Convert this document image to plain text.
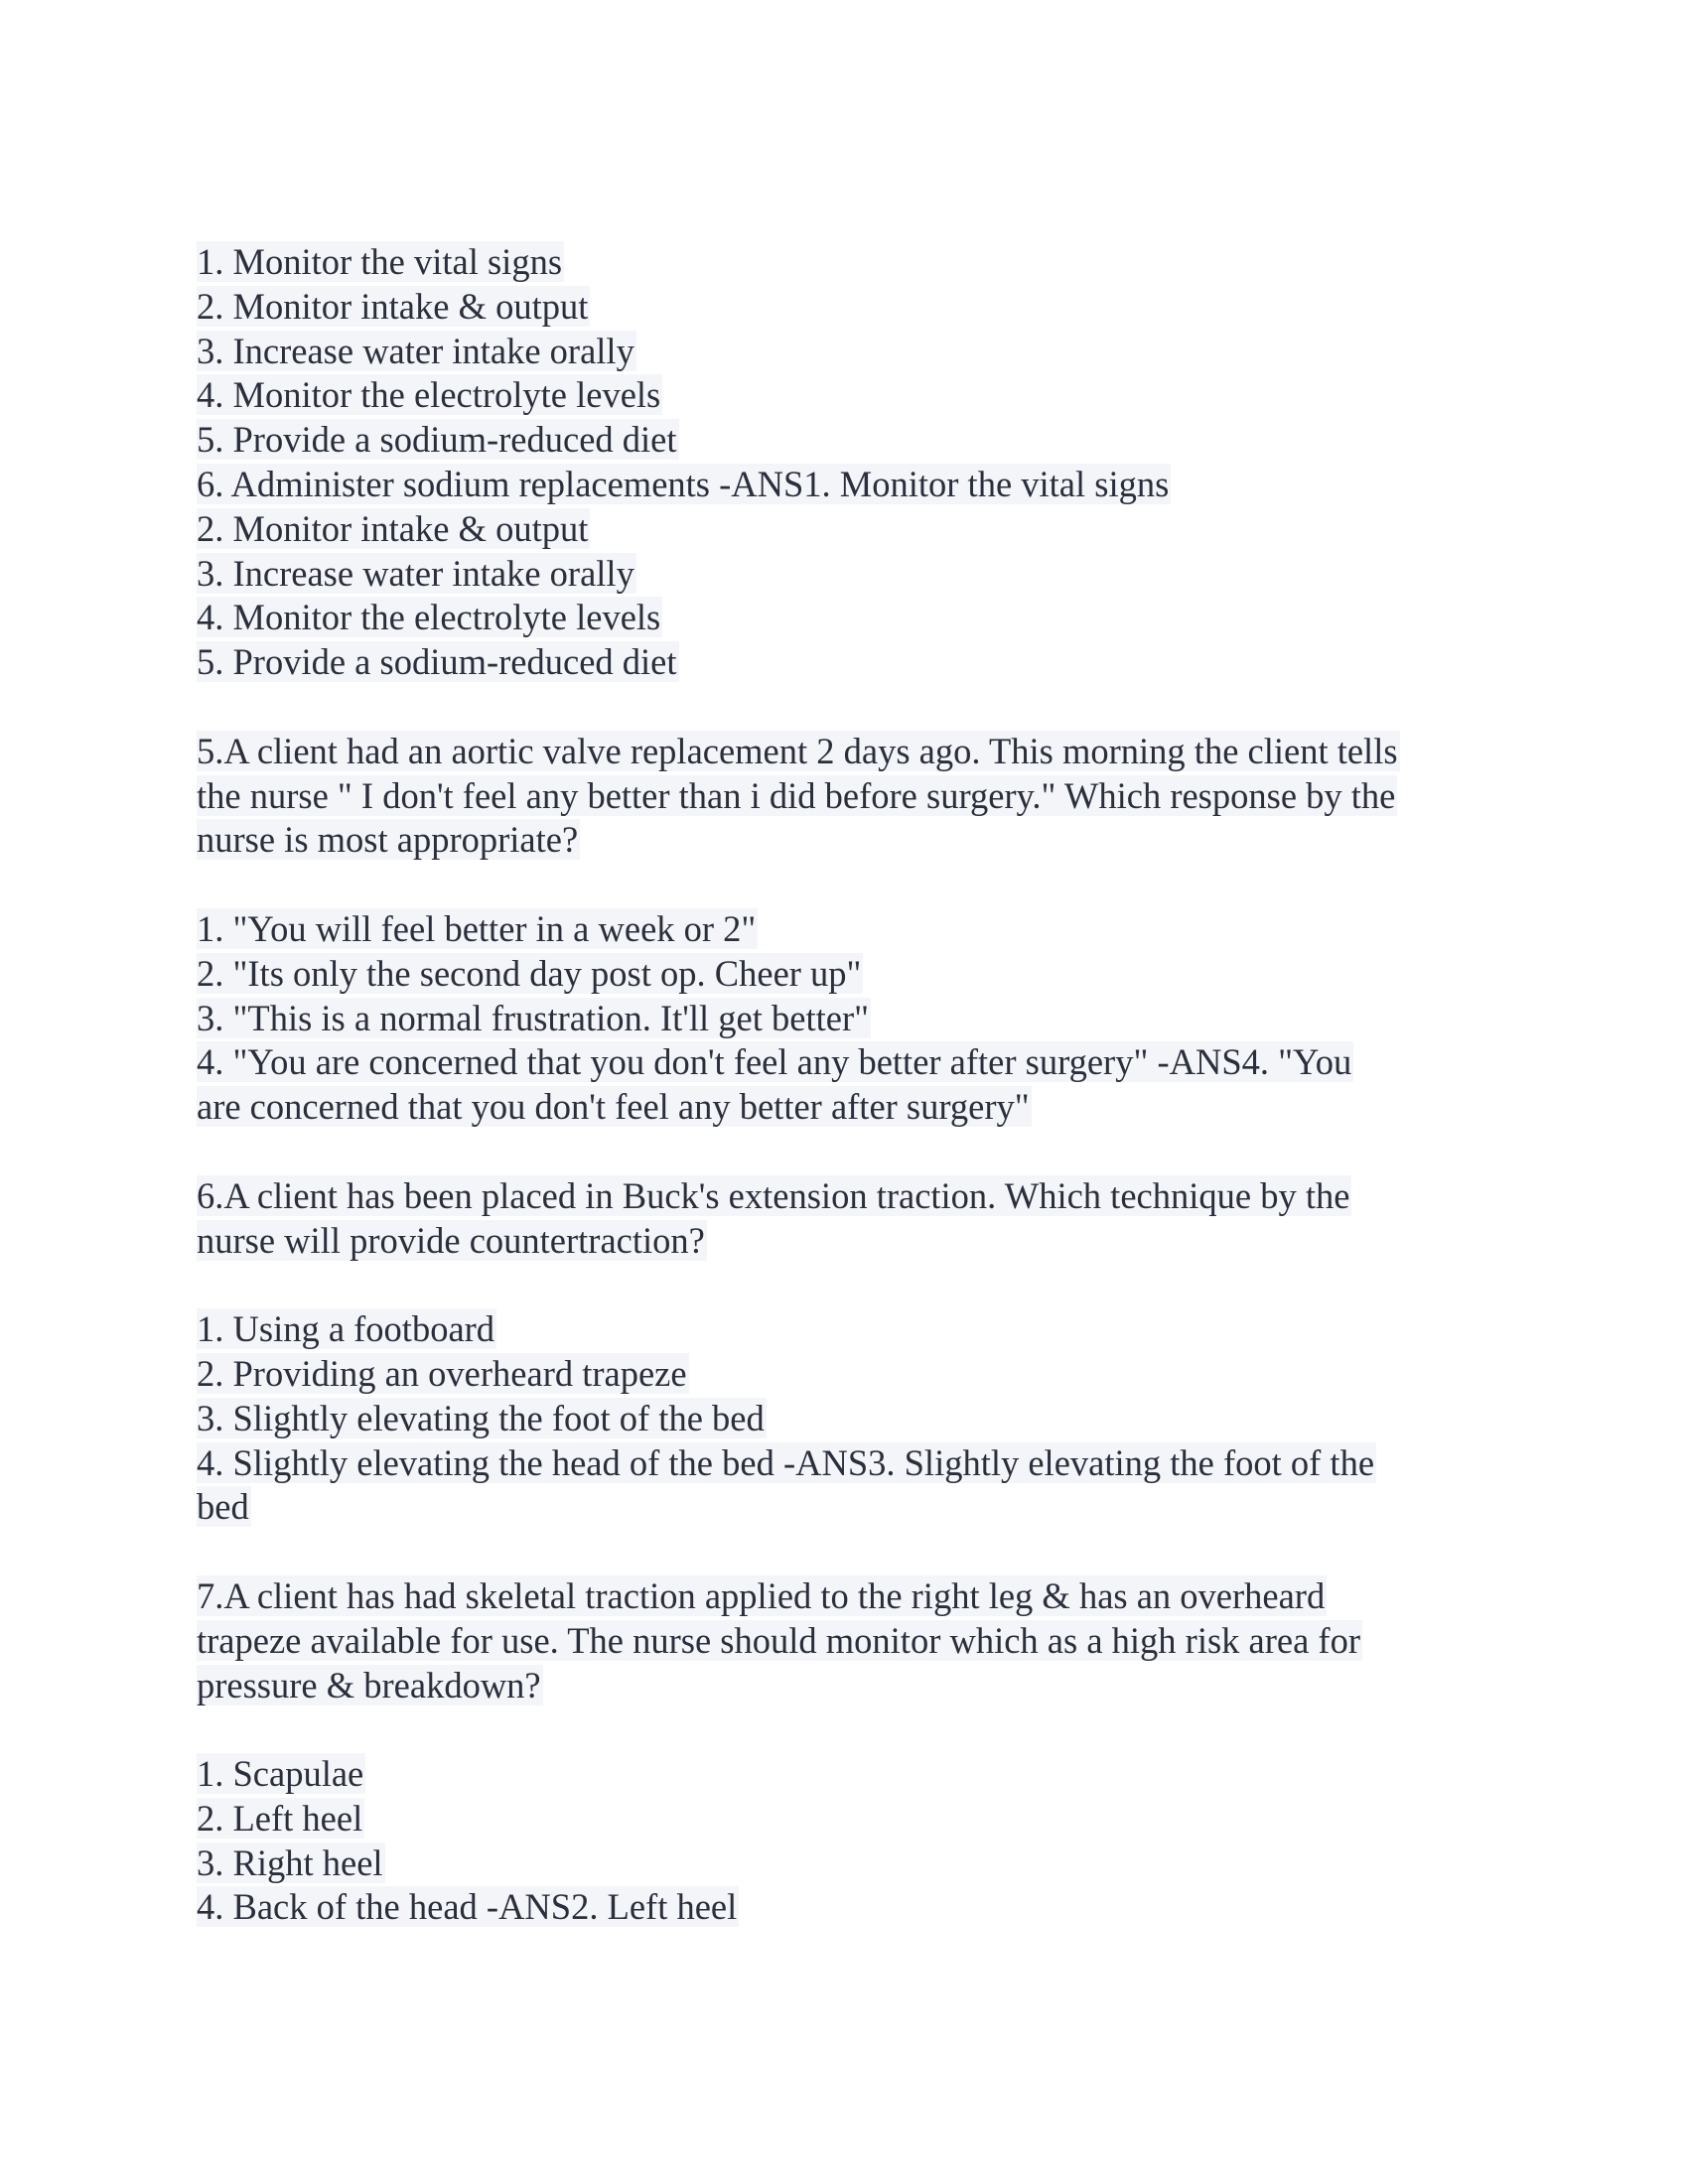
1. Monitor the vital signs
2. Monitor intake & output
3. Increase water intake orally
4. Monitor the electrolyte levels
5. Provide a sodium-reduced diet
6. Administer sodium replacements -ANS1. Monitor the vital signs
2. Monitor intake & output
3. Increase water intake orally
4. Monitor the electrolyte levels
5. Provide a sodium-reduced diet
5.A client had an aortic valve replacement 2 days ago. This morning the client tells
the nurse " I don't feel any better than i did before surgery." Which response by the
nurse is most appropriate?
1. "You will feel better in a week or 2"
2. "Its only the second day post op. Cheer up"
3. "This is a normal frustration. It'll get better"
4. "You are concerned that you don't feel any better after surgery" -ANS4. "You
are concerned that you don't feel any better after surgery"
6.A client has been placed in Buck's extension traction. Which technique by the
nurse will provide countertraction?
1. Using a footboard
2. Providing an overheard trapeze
3. Slightly elevating the foot of the bed
4. Slightly elevating the head of the bed -ANS3. Slightly elevating the foot of the
bed
7.A client has had skeletal traction applied to the right leg & has an overheard
trapeze available for use. The nurse should monitor which as a high risk area for
pressure & breakdown?
1. Scapulae
2. Left heel
3. Right heel
4. Back of the head -ANS2. Left heel
